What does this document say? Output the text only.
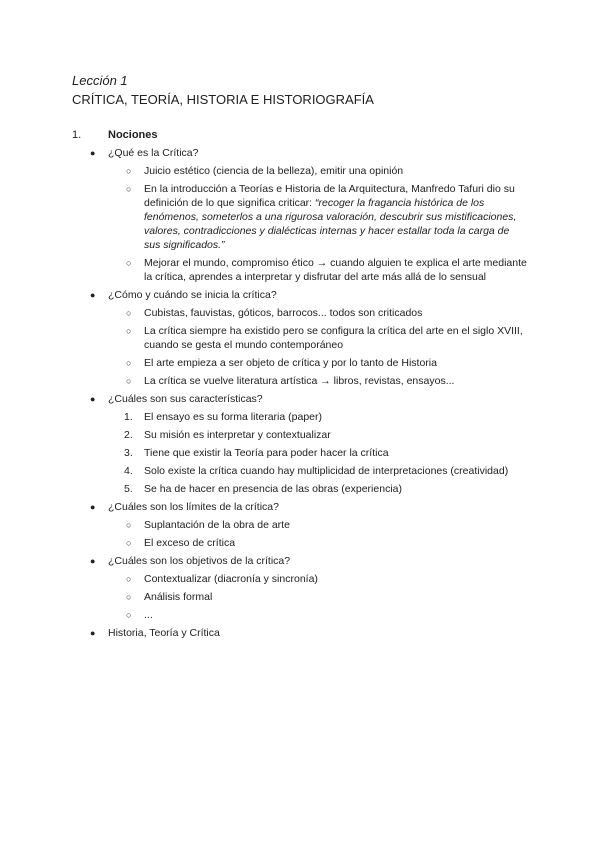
Lección 1

CRÍTICA, TEORÍA, HISTORIA E HISTORIOGRAFÍA

1.	Nociones
● ¿Qué es la Crítica?
○ Juicio estético (ciencia de la belleza), emitir una opinión
○ En la introducción a Teorías e Historia de la Arquitectura, Manfredo Tafuri dio su definición de lo que significa criticar: “recoger la fragancia histórica de los fenómenos, someterlos a una rigurosa valoración, descubrir sus mistificaciones, valores, contradicciones y dialécticas internas y hacer estallar toda la carga de sus significados.”
○ Mejorar el mundo, compromiso ético → cuando alguien te explica el arte mediante la crítica, aprendes a interpretar y disfrutar del arte más allá de lo sensual
● ¿Cómo y cuándo se inicia la crítica?
○ Cubistas, fauvistas, góticos, barrocos... todos son criticados
○ La crítica siempre ha existido pero se configura la crítica del arte en el siglo XVIII, cuando se gesta el mundo contemporáneo
○ El arte empieza a ser objeto de crítica y por lo tanto de Historia
○ La crítica se vuelve literatura artística → libros, revistas, ensayos...
● ¿Cuáles son sus características?
1. El ensayo es su forma literaria (paper)
2. Su misión es interpretar y contextualizar
3. Tiene que existir la Teoría para poder hacer la crítica
4. Solo existe la crítica cuando hay multiplicidad de interpretaciones (creatividad)
5. Se ha de hacer en presencia de las obras (experiencia)
● ¿Cuáles son los límites de la crítica?
○ Suplantación de la obra de arte
○ El exceso de crítica
● ¿Cuáles son los objetivos de la crítica?
○ Contextualizar (diacronía y sincronía)
○ Análisis formal
○ ...
● Historia, Teoría y Crítica
